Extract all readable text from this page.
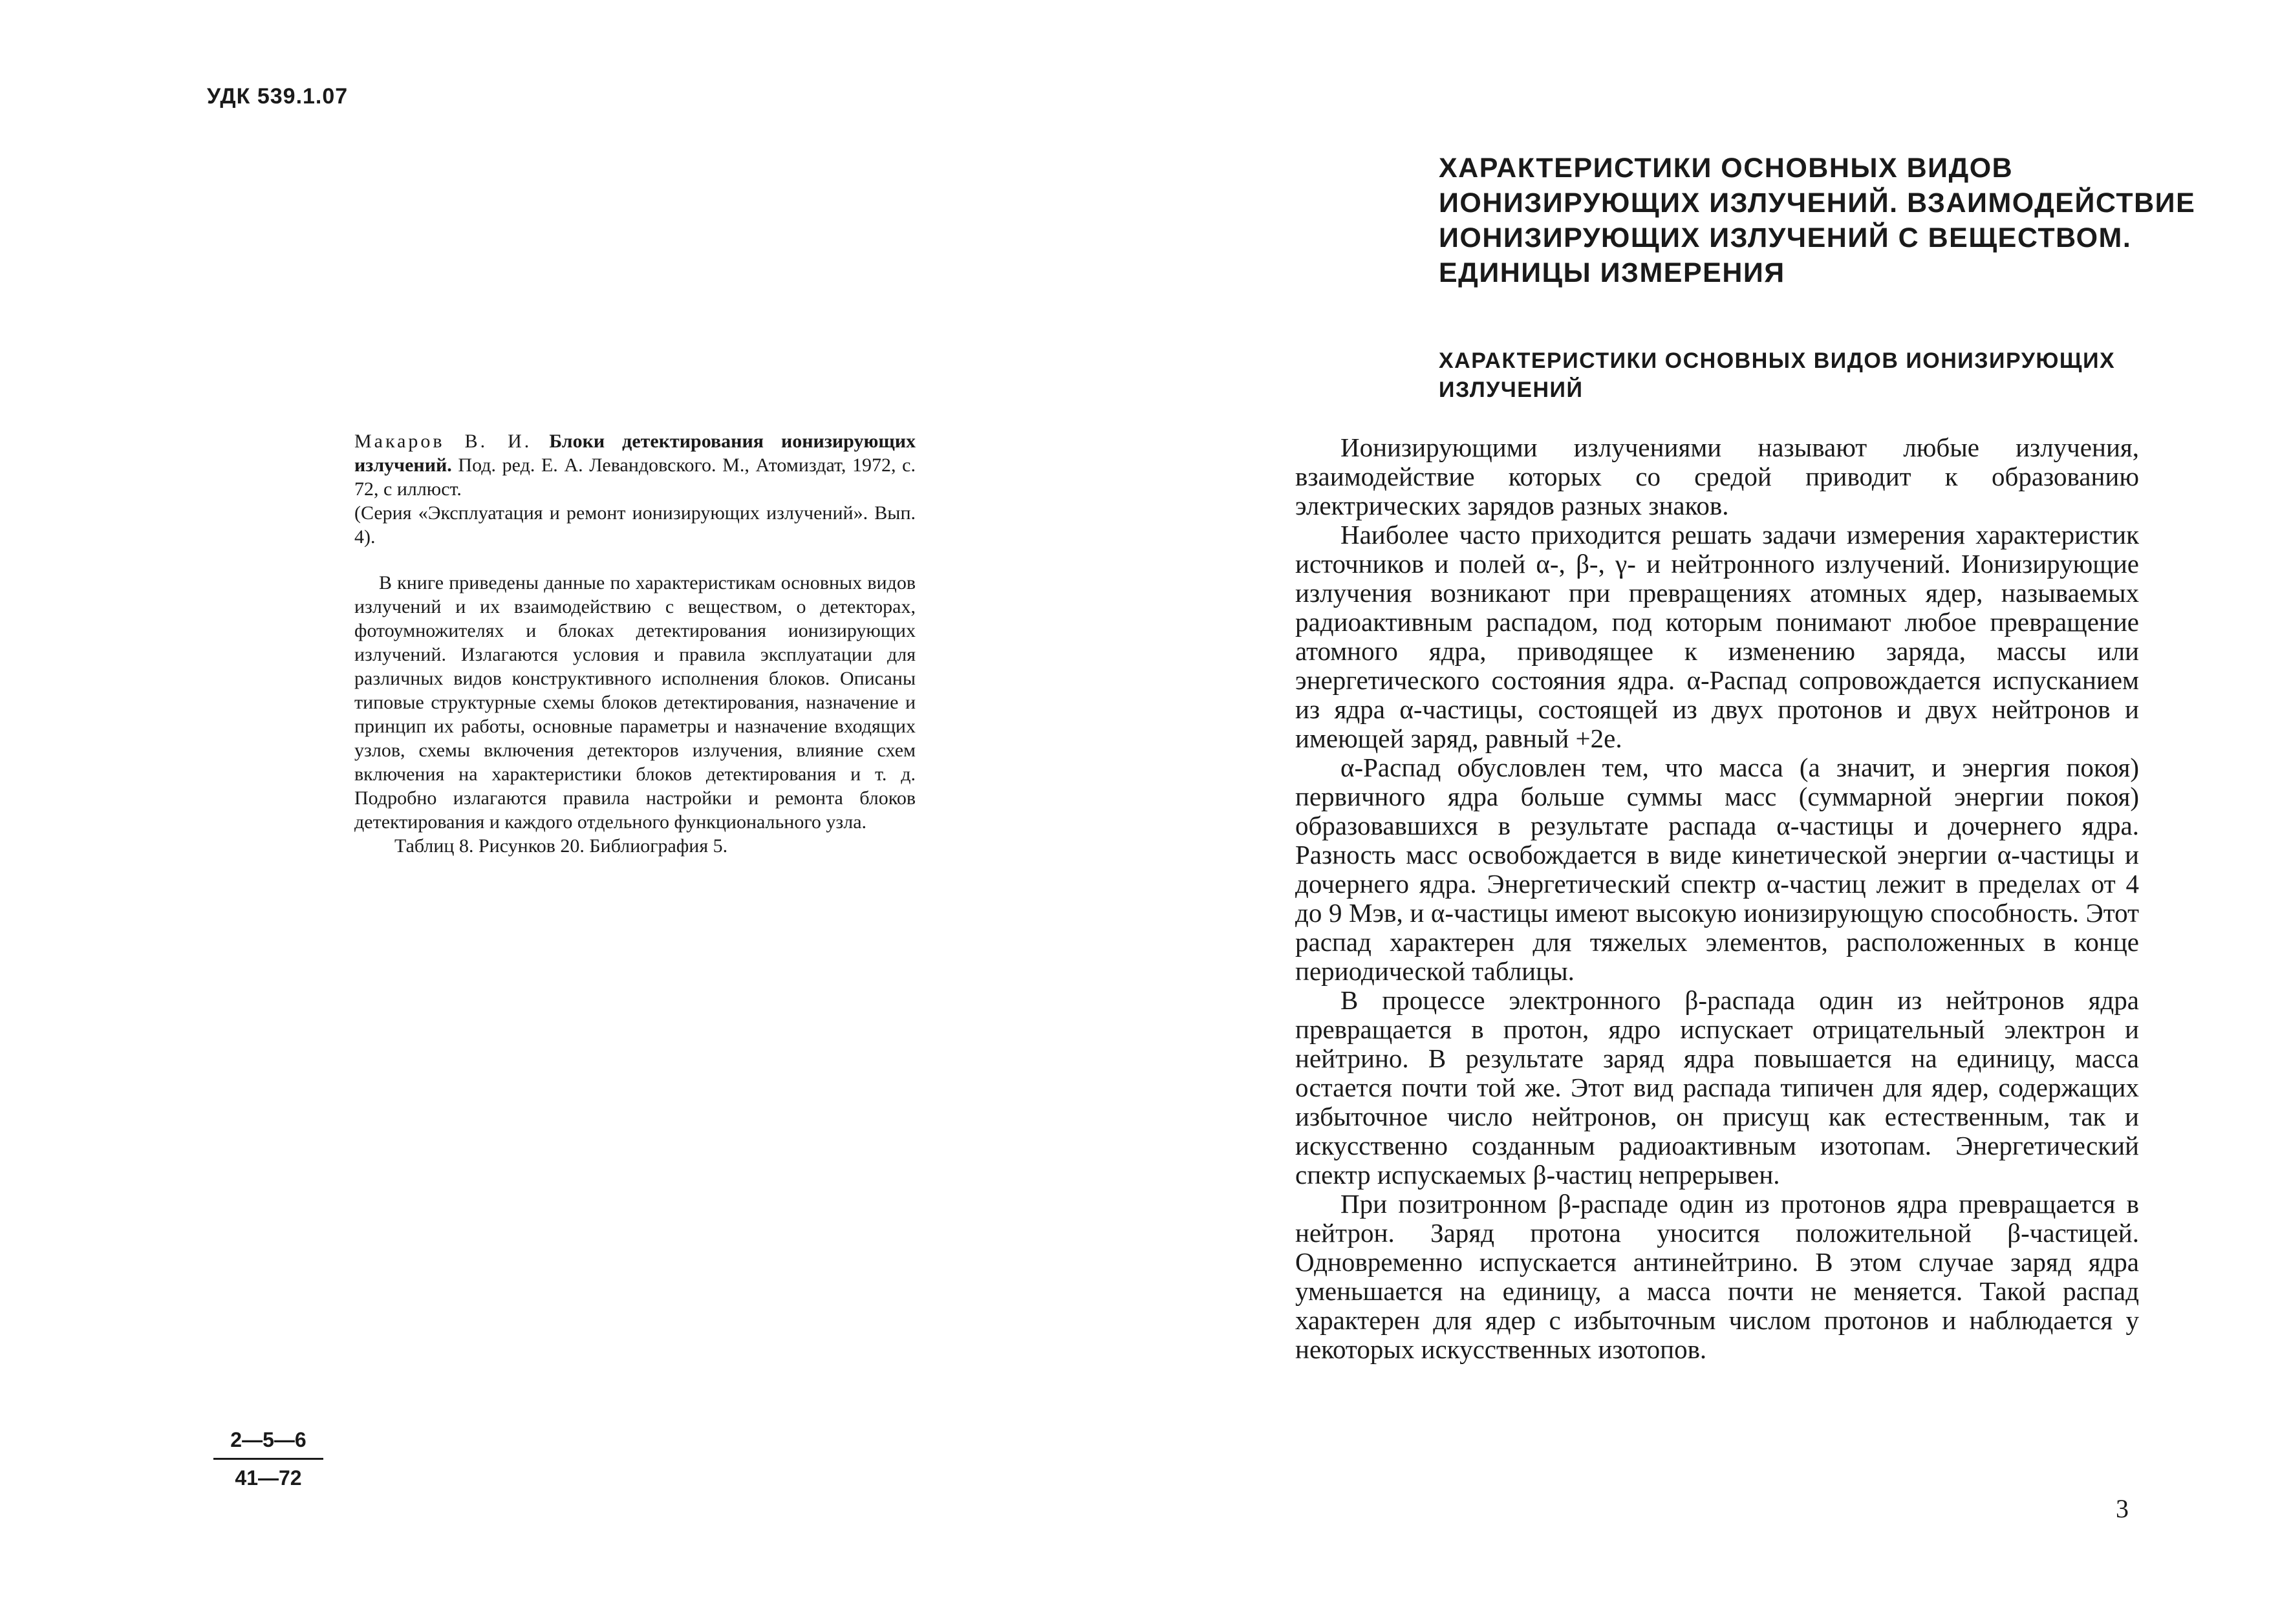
УДК 539.1.07

Макаров В. И. Блоки детектирования ионизирующих излучений. Под. ред. Е. А. Левандовского. М., Атомиздат, 1972, с. 72, с иллюст.

(Серия «Эксплуатация и ремонт ионизирующих излучений». Вып. 4).

В книге приведены данные по характеристикам основных видов излучений и их взаимодействию с веществом, о детекторах, фотоумножителях и блоках детектирования ионизирующих излучений. Излагаются условия и правила эксплуатации для различных видов конструктивного исполнения блоков. Описаны типовые структурные схемы блоков детектирования, назначение и принцип их работы, основные параметры и назначение входящих узлов, схемы включения детекторов излучения, влияние схем включения на характеристики блоков детектирования и т. д. Подробно излагаются правила настройки и ремонта блоков детектирования и каждого отдельного функционального узла.

Таблиц 8. Рисунков 20. Библиография 5.

$\frac{2—5—6}{41—72}$
ХАРАКТЕРИСТИКИ ОСНОВНЫХ ВИДОВ ИОНИЗИРУЮЩИХ ИЗЛУЧЕНИЙ. ВЗАИМОДЕЙСТВИЕ ИОНИЗИРУЮЩИХ ИЗЛУЧЕНИЙ С ВЕЩЕСТВОМ. ЕДИНИЦЫ ИЗМЕРЕНИЯ
ХАРАКТЕРИСТИКИ ОСНОВНЫХ ВИДОВ ИОНИЗИРУЮЩИХ ИЗЛУЧЕНИЙ

Ионизирующими излучениями называют любые излучения, взаимодействие которых со средой приводит к образованию электрических зарядов разных знаков.

Наиболее часто приходится решать задачи измерения характеристик источников и полей α-, β-, γ- и нейтронного излучений. Ионизирующие излучения возникают при превращениях атомных ядер, называемых радиоактивным распадом, под которым понимают любое превращение атомного ядра, приводящее к изменению заряда, массы или энергетического состояния ядра. α-Распад сопровождается испусканием из ядра α-частицы, состоящей из двух протонов и двух нейтронов и имеющей заряд, равный +2e.

α-Распад обусловлен тем, что масса (а значит, и энергия покоя) первичного ядра больше суммы масс (суммарной энергии покоя) образовавшихся в результате распада α-частицы и дочернего ядра. Разность масс освобождается в виде кинетической энергии α-частицы и дочернего ядра. Энергетический спектр α-частиц лежит в пределах от 4 до 9 Мэв, и α-частицы имеют высокую ионизирующую способность. Этот распад характерен для тяжелых элементов, расположенных в конце периодической таблицы.

В процессе электронного β-распада один из нейтронов ядра превращается в протон, ядро испускает отрицательный электрон и нейтрино. В результате заряд ядра повышается на единицу, масса остается почти той же. Этот вид распада типичен для ядер, содержащих избыточное число нейтронов, он присущ как естественным, так и искусственно созданным радиоактивным изотопам. Энергетический спектр испускаемых β-частиц непрерывен.

При позитронном β-распаде один из протонов ядра превращается в нейтрон. Заряд протона уносится положительной β-частицей. Одновременно испускается антинейтрино. В этом случае заряд ядра уменьшается на единицу, а масса почти не меняется. Такой распад характерен для ядер с избыточным числом протонов и наблюдается у некоторых искусственных изотопов.

3
